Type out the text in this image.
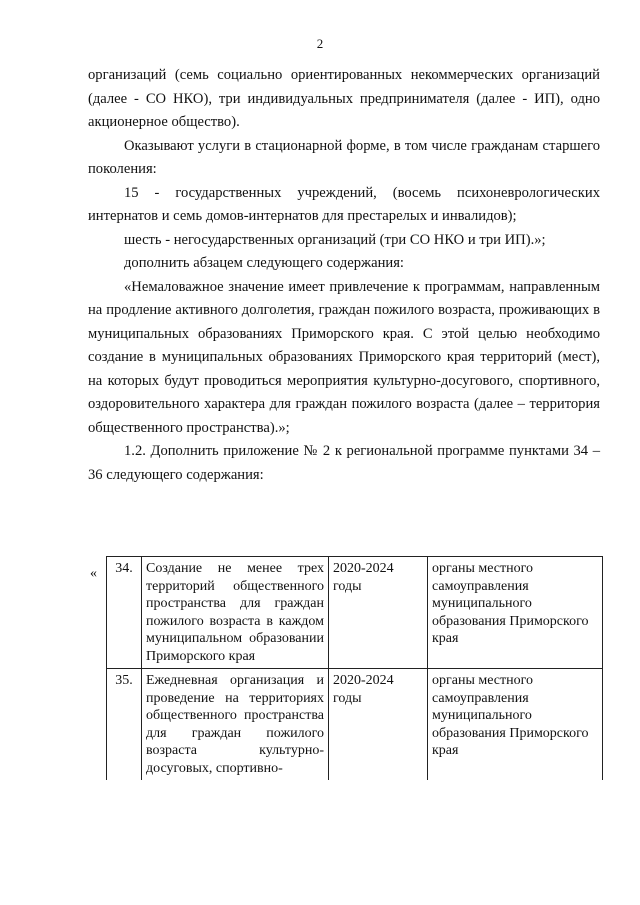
2

организаций (семь социально ориентированных некоммерческих организаций (далее - СО НКО), три индивидуальных предпринимателя (далее - ИП), одно акционерное общество).

Оказывают услуги в стационарной форме, в том числе гражданам старшего поколения:

15 - государственных учреждений, (восемь психоневрологических интернатов и семь домов-интернатов для престарелых и инвалидов);

шесть - негосударственных организаций (три СО НКО и три ИП).»;

дополнить абзацем следующего содержания:

«Немаловажное значение имеет привлечение к программам, направленным на продление активного долголетия, граждан пожилого возраста, проживающих в муниципальных образованиях Приморского края. С этой целью необходимо создание в муниципальных образованиях Приморского края территорий (мест), на которых будут проводиться мероприятия культурно-досугового, спортивного, оздоровительного характера для граждан пожилого возраста (далее – территория общественного пространства).»;

1.2. Дополнить приложение № 2 к региональной программе пунктами 34 – 36 следующего содержания:

« 34.	Создание не менее трех территорий общественного пространства для граждан пожилого возраста в каждом муниципальном образовании Приморского края	2020-2024 годы	органы местного самоуправления муниципального образования Приморского края
35.	Ежедневная организация и проведение на территориях общественного пространства для граждан пожилого возраста культурно-досуговых, спортивно-	2020-2024 годы	органы местного самоуправления муниципального образования Приморского края
